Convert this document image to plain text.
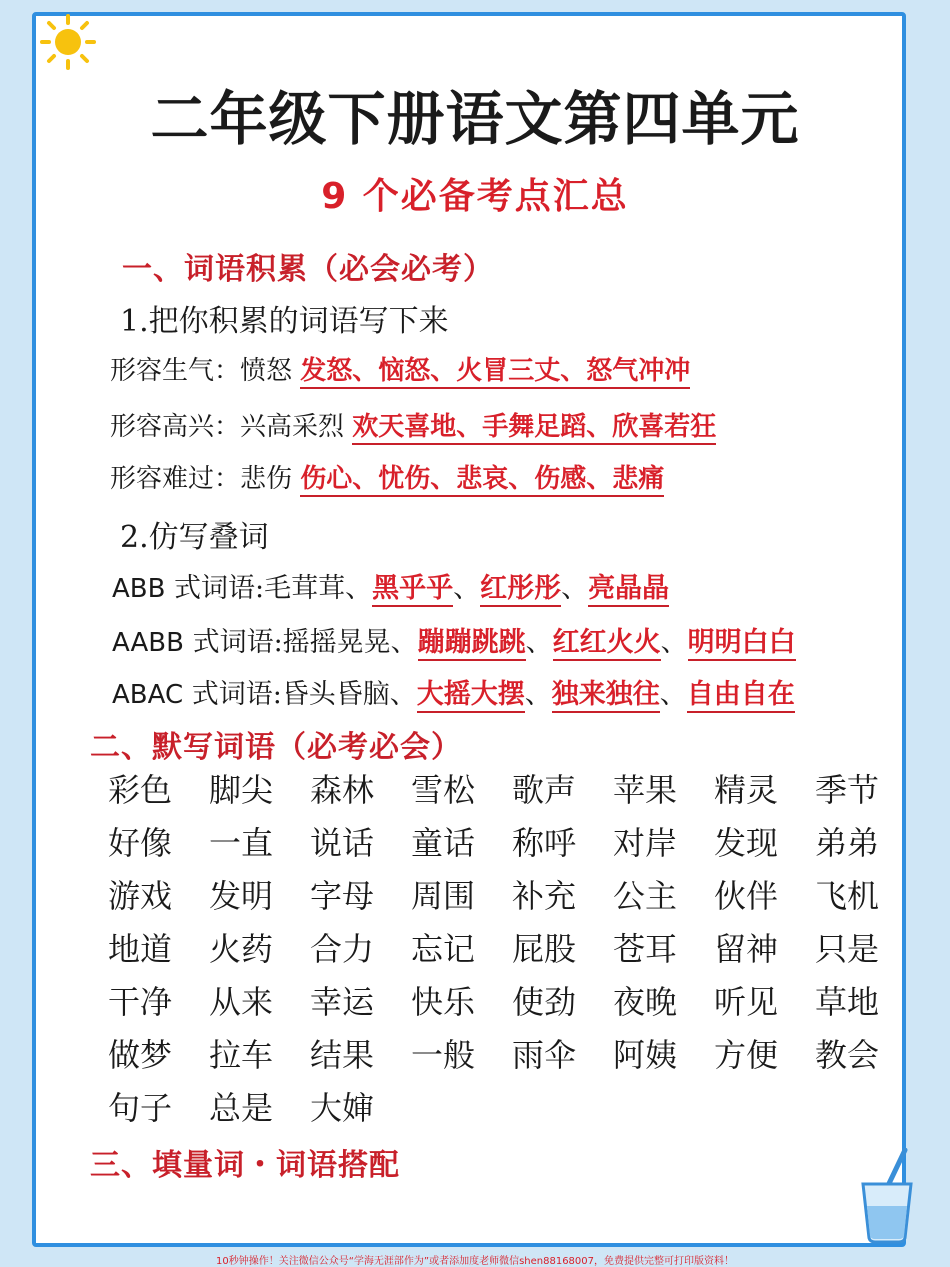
二年级下册语文第四单元
9 个必备考点汇总
一、词语积累（必会必考）
1.把你积累的词语写下来
形容生气：愤怒 发怒、恼怒、火冒三丈、怒气冲冲
形容高兴：兴高采烈 欢天喜地、手舞足蹈、欣喜若狂
形容难过：悲伤 伤心、忧伤、悲哀、伤感、悲痛
2.仿写叠词
ABB 式词语:毛茸茸、黑乎乎、红彤彤、亮晶晶
AABB 式词语:摇摇晃晃、蹦蹦跳跳、红红火火、明明白白
ABAC 式词语:昏头昏脑、大摇大摆、独来独往、自由自在
二、默写词语（必考必会）
彩色	脚尖	森林	雪松	歌声	苹果	精灵	季节
好像	一直	说话	童话	称呼	对岸	发现	弟弟
游戏	发明	字母	周围	补充	公主	伙伴	飞机
地道	火药	合力	忘记	屁股	苍耳	留神	只是
干净	从来	幸运	快乐	使劲	夜晚	听见	草地
做梦	拉车	结果	一般	雨伞	阿姨	方便	教会
句子	总是	大婶
三、填量词・词语搭配
10秒钟操作！关注微信公众号“学海无涯部作为”或者添加度老师微信shen88168007，免费提供完整可打印版资料！
